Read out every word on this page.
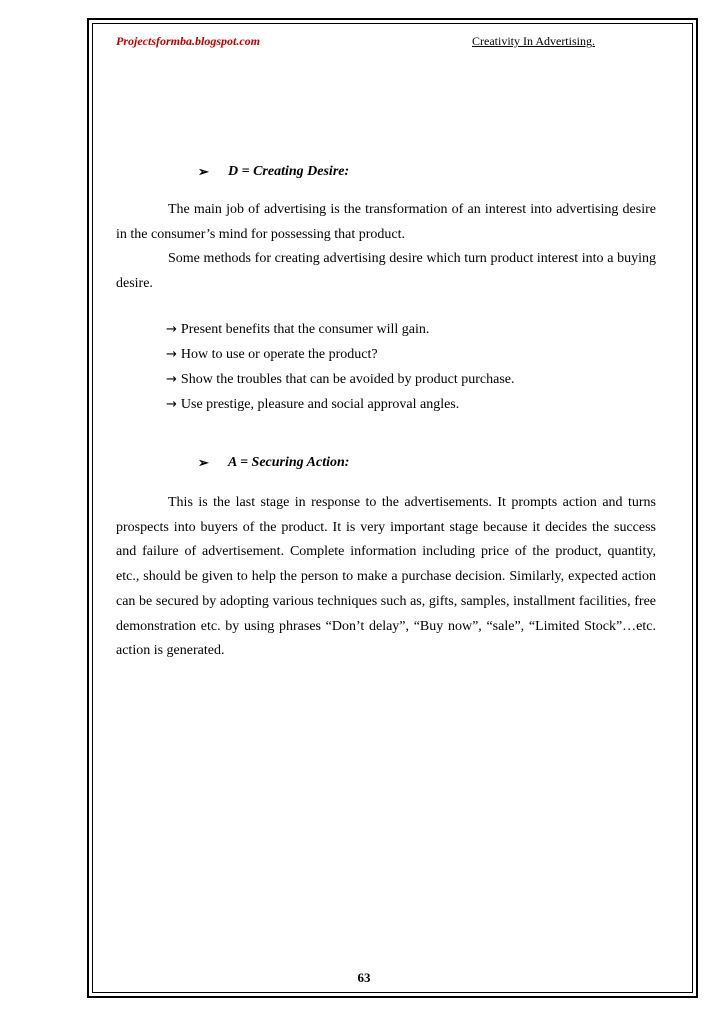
Projectsformba.blogspot.com	Creativity In Advertising.
➢	D = Creating Desire:
The main job of advertising is the transformation of an interest into advertising desire in the consumer’s mind for possessing that product.
Some methods for creating advertising desire which turn product interest into a buying desire.
→ Present benefits that the consumer will gain.
→ How to use or operate the product?
→ Show the troubles that can be avoided by product purchase.
→ Use prestige, pleasure and social approval angles.
➢	A = Securing Action:
This is the last stage in response to the advertisements. It prompts action and turns prospects into buyers of the product. It is very important stage because it decides the success and failure of advertisement. Complete information including price of the product, quantity, etc., should be given to help the person to make a purchase decision. Similarly, expected action can be secured by adopting various techniques such as, gifts, samples, installment facilities, free demonstration etc. by using phrases “Don’t delay”, “Buy now”, “sale”, “Limited Stock”…etc. action is generated.
63
